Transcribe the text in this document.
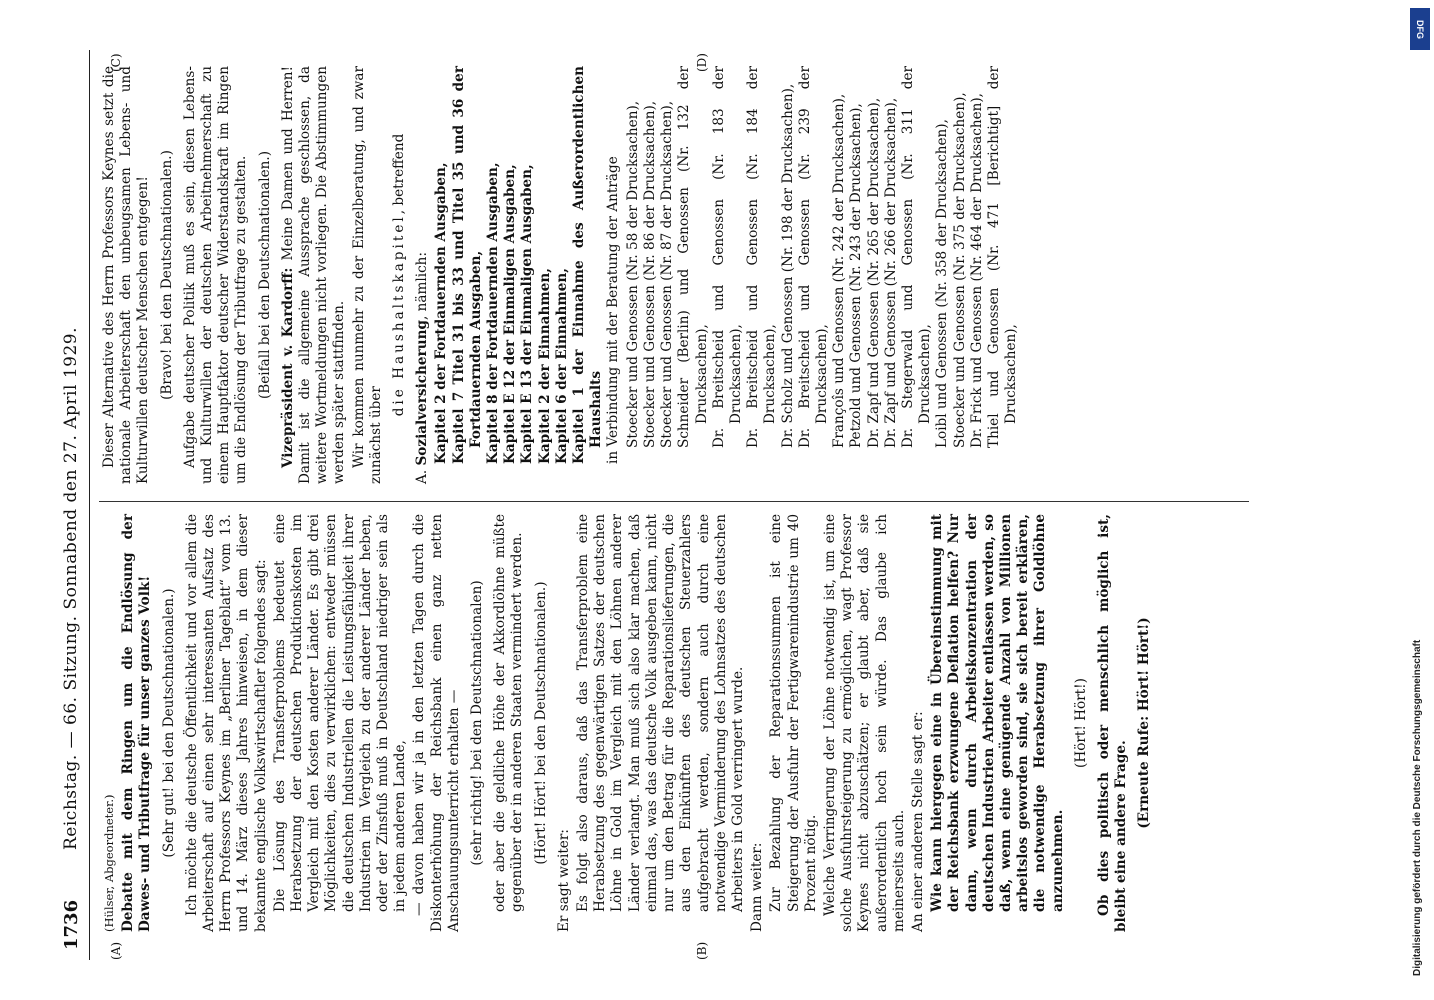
1736
Reichstag. — 66. Sitzung. Sonnabend den 27. April 1929.
(A)	(B)
(C)	(D)

(Hülser, Abgeordneter.) Debatte mit dem Ringen um die Endlösung der Dawes- und Tributfrage für unser ganzes Volk! (Sehr gut! bei den Deutschnationalen.) Ich möchte die deutsche Öffentlichkeit und vor allem die Arbeiterschaft auf einen sehr interessanten Aufsatz des Herrn Professors Keynes im „Berliner Tageblatt“ vom 13. und 14. März dieses Jahres hinweisen, in dem dieser bekannte englische Volkswirtschaftler folgendes sagt: Die Lösung des Transferproblems bedeutet eine Herabsetzung der deutschen Produktionskosten im Vergleich mit den Kosten anderer Länder. Es gibt drei Möglichkeiten, dies zu verwirklichen: entweder müssen die deutschen Industriellen die Leistungsfähigkeit ihrer Industrien im Vergleich zu der anderer Länder heben, oder der Zinsfuß muß in Deutschland niedriger sein als in jedem anderen Lande, — davon haben wir ja in den letzten Tagen durch die Diskonterhöhung der Reichsbank einen ganz netten Anschauungsunterricht erhalten — (sehr richtig! bei den Deutschnationalen) oder aber die geldliche Höhe der Akkordlöhne müßte gegenüber der in anderen Staaten vermindert werden. (Hört! Hört! bei den Deutschnationalen.)

Er sagt weiter: Es folgt also daraus, daß das Transferproblem eine Herabsetzung des gegenwärtigen Satzes der deutschen Löhne in Gold im Vergleich mit den Löhnen anderer Länder verlangt. Man muß sich also klar machen, daß einmal das, was das deutsche Volk ausgeben kann, nicht nur um den Betrag für die Reparationslieferungen, die aus den Einkünften des deutschen Steuerzahlers aufgebracht werden, sondern auch durch eine notwendige Verminderung des Lohnsatzes des deutschen Arbeiters in Gold verringert wurde. Dann weiter: Zur Bezahlung der Reparationssummen ist eine Steigerung der Ausfuhr der Fertigwarenindustrie um 40 Prozent nötig. Welche Verringerung der Löhne notwendig ist, um eine solche Ausfuhrsteigerung zu ermöglichen, wagt Professor Keynes nicht abzuschätzen; er glaubt aber, daß sie außerordentlich hoch sein würde. Das glaube ich meinerseits auch. An einer anderen Stelle sagt er: Wie kann hiergegen eine in Übereinstimmung mit der Reichsbank erzwungene Deflation helfen? Nur dann, wenn durch Arbeitskonzentration der deutschen Industrien Arbeiter entlassen werden, so daß, wenn eine genügende Anzahl von Millionen arbeitslos geworden sind, sie sich bereit erklären, die notwendige Herabsetzung ihrer Goldlöhne anzunehmen.

(Hört! Hört!) Ob dies politisch oder menschlich möglich ist, bleibt eine andere Frage.

(Erneute Rufe: Hört! Hört!)

Dieser Alternative des Herrn Professors Keynes setzt die nationale Arbeiterschaft den unbeugsamen Lebens- und Kulturwillen deutscher Menschen entgegen! (Bravo! bei den Deutschnationalen.) Aufgabe deutscher Politik muß es sein, diesen Lebens- und Kulturwillen der deutschen Arbeitnehmerschaft zu einem Hauptfaktor deutscher Widerstandskraft im Ringen um die Endlösung der Tributfrage zu gestalten. (Beifall bei den Deutschnationalen.) Vizepräsident v. Kardorff: Meine Damen und Herren! Damit ist die allgemeine Aussprache geschlossen, da weitere Wortmeldungen nicht vorliegen. Die Abstimmungen werden später stattfinden. Wir kommen nunmehr zu der Einzelberatung, und zwar zunächst über

die Haushaltskapitel, betreffend

A. Sozialversicherung, nämlich: Kapitel 2 der Fortdauernden Ausgaben, Kapitel 7 Titel 31 bis 33 und Titel 35 und 36 der Fortdauernden Ausgaben, Kapitel 8 der Fortdauernden Ausgaben, Kapitel E 12 der Einmaligen Ausgaben, Kapitel E 13 der Einmaligen Ausgaben, Kapitel 2 der Einnahmen, Kapitel 6 der Einnahmen, Kapitel 1 der Einnahme des Außerordentlichen Haushalts in Verbindung mit der Beratung der Anträge Stoecker und Genossen (Nr. 58 der Drucksachen), Stoecker und Genossen (Nr. 86 der Drucksachen), Stoecker und Genossen (Nr. 87 der Drucksachen), Schneider (Berlin) und Genossen (Nr. 132 der Drucksachen), Dr. Breitscheid und Genossen (Nr. 183 der Drucksachen), Dr. Breitscheid und Genossen (Nr. 184 der Drucksachen), Dr. Scholz und Genossen (Nr. 198 der Drucksachen), Dr. Breitscheid und Genossen (Nr. 239 der Drucksachen), Françoîs und Genossen (Nr. 242 der Drucksachen), Petzold und Genossen (Nr. 243 der Drucksachen), Dr. Zapf und Genossen (Nr. 265 der Drucksachen), Dr. Zapf und Genossen (Nr. 266 der Drucksachen), Dr. Stegerwald und Genossen (Nr. 311 der Drucksachen), Loibl und Genossen (Nr. 358 der Drucksachen), Stoecker und Genossen (Nr. 375 der Drucksachen), Dr. Frick und Genossen (Nr. 464 der Drucksachen), Thiel und Genossen (Nr. 471 [Berichtigt] der Drucksachen),

DFG
Digitalisierung gefördert durch die Deutsche Forschungsgemeinschaft
